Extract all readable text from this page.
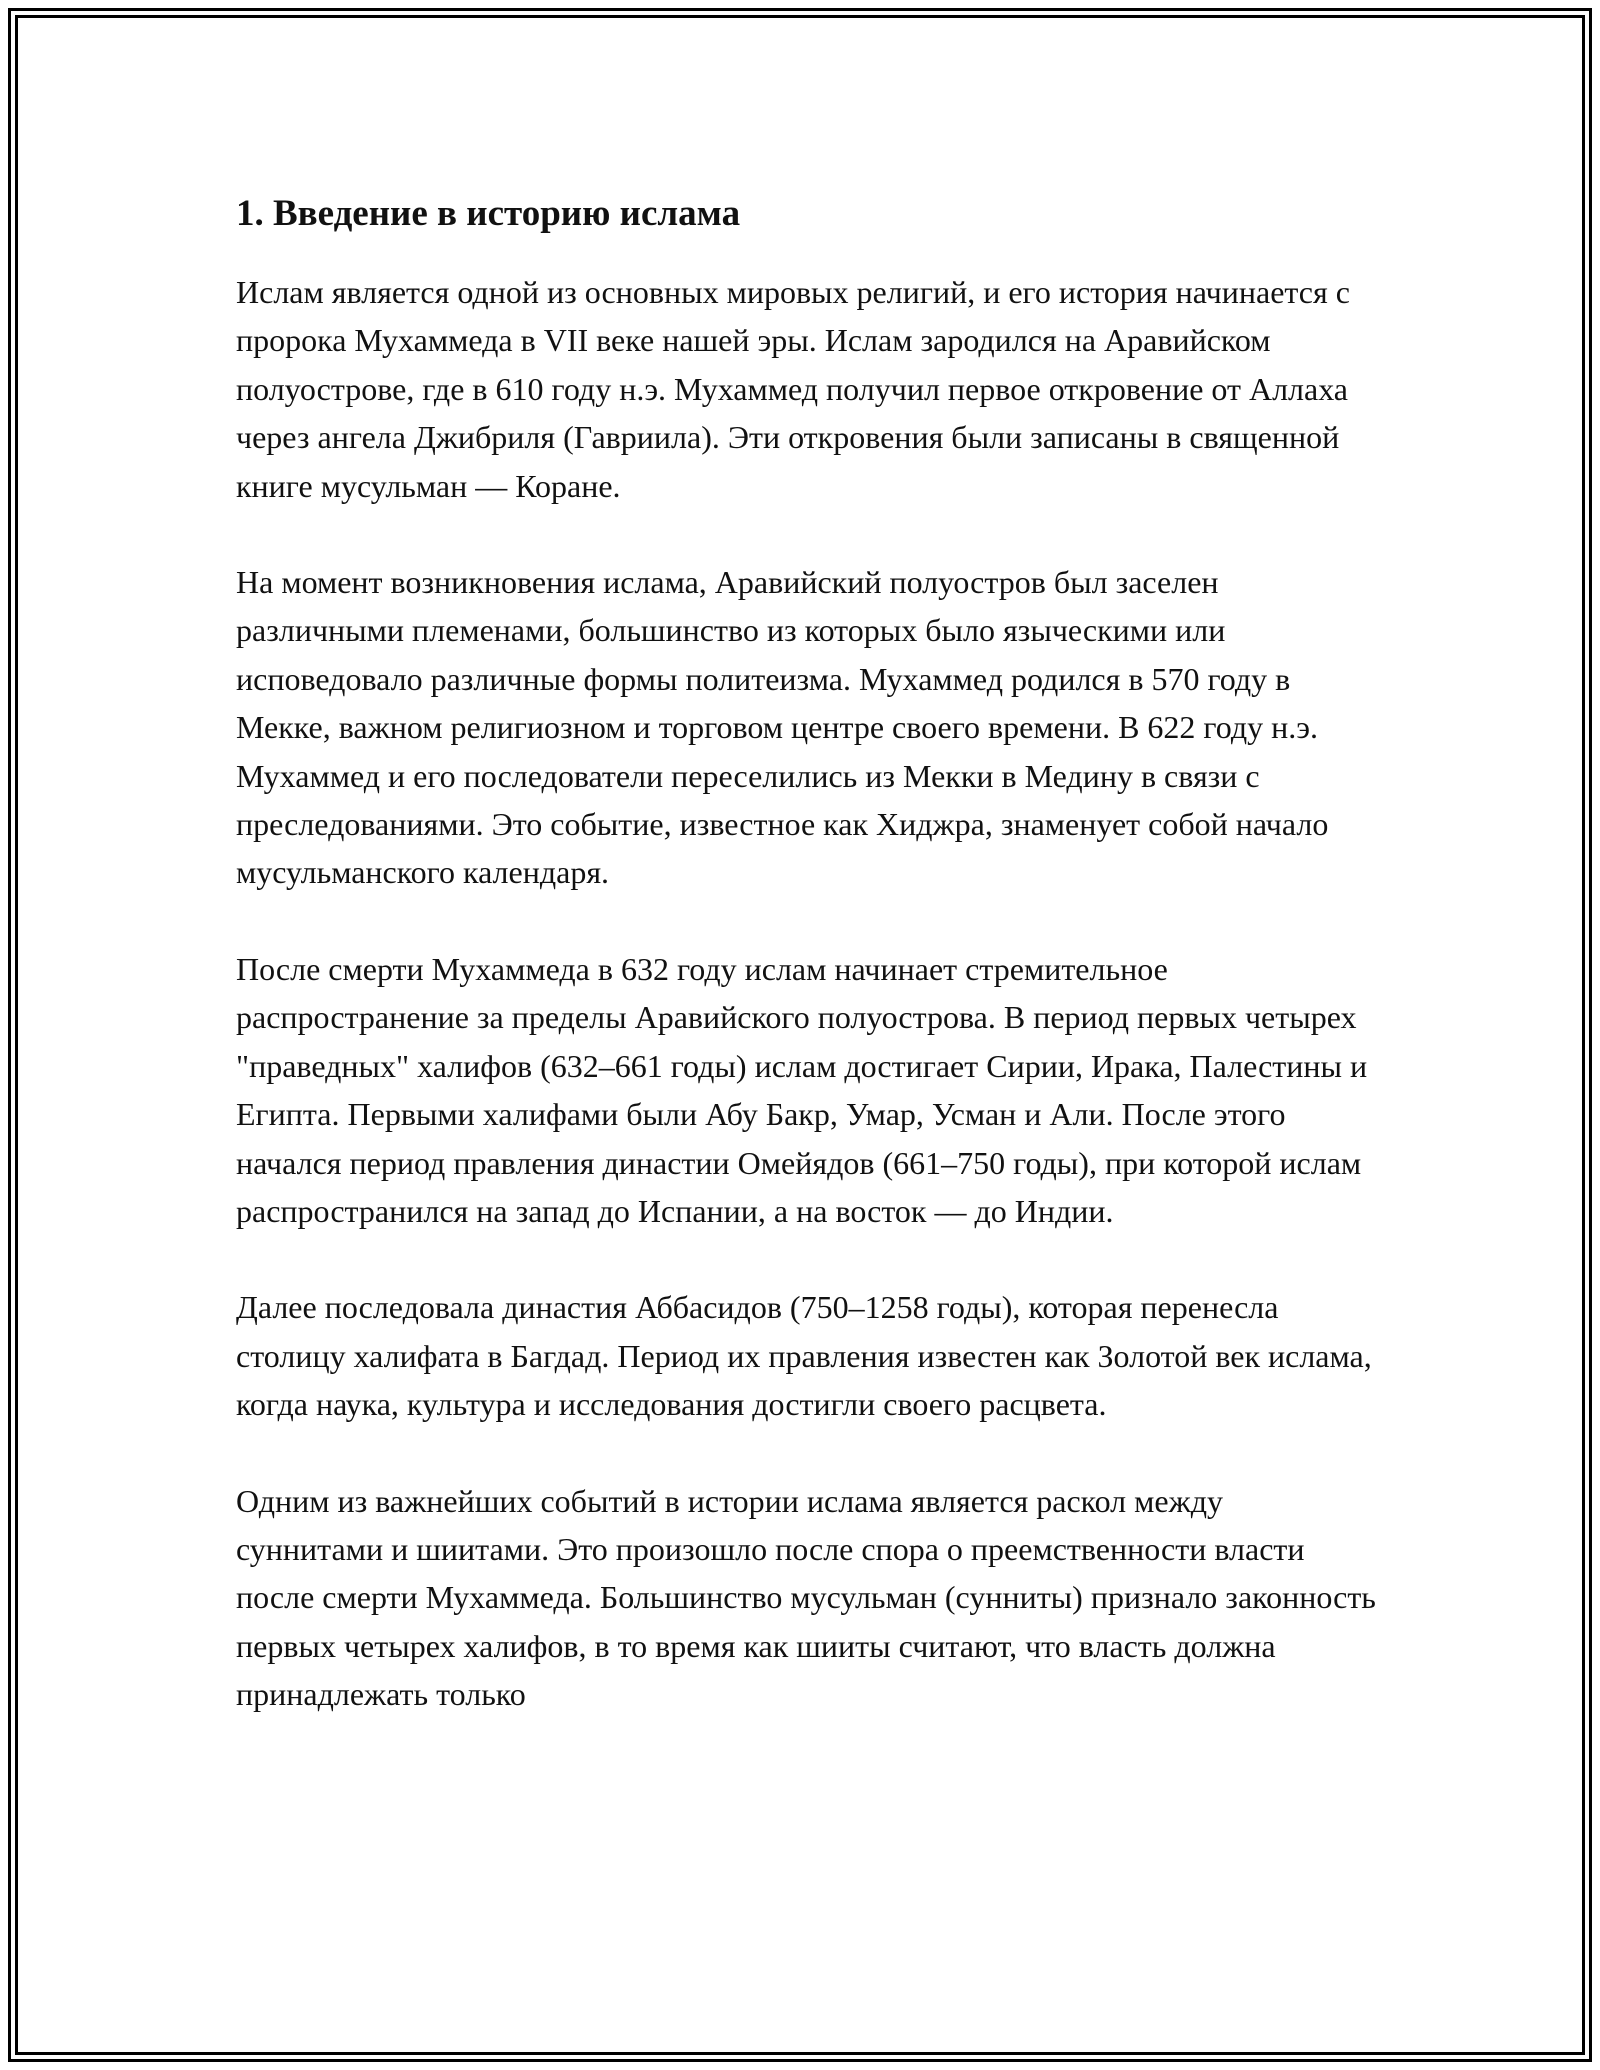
1. Введение в историю ислама

Ислам является одной из основных мировых религий, и его история начинается с пророка Мухаммеда в VII веке нашей эры. Ислам зародился на Аравийском полуострове, где в 610 году н.э. Мухаммед получил первое откровение от Аллаха через ангела Джибриля (Гавриила). Эти откровения были записаны в священной книге мусульман — Коране.

На момент возникновения ислама, Аравийский полуостров был заселен различными племенами, большинство из которых было языческими или исповедовало различные формы политеизма. Мухаммед родился в 570 году в Мекке, важном религиозном и торговом центре своего времени. В 622 году н.э. Мухаммед и его последователи переселились из Мекки в Медину в связи с преследованиями. Это событие, известное как Хиджра, знаменует собой начало мусульманского календаря.

После смерти Мухаммеда в 632 году ислам начинает стремительное распространение за пределы Аравийского полуострова. В период первых четырех "праведных" халифов (632–661 годы) ислам достигает Сирии, Ирака, Палестины и Египта. Первыми халифами были Абу Бакр, Умар, Усман и Али. После этого начался период правления династии Омейядов (661–750 годы), при которой ислам распространился на запад до Испании, а на восток — до Индии.

Далее последовала династия Аббасидов (750–1258 годы), которая перенесла столицу халифата в Багдад. Период их правления известен как Золотой век ислама, когда наука, культура и исследования достигли своего расцвета.

Одним из важнейших событий в истории ислама является раскол между суннитами и шиитами. Это произошло после спора о преемственности власти после смерти Мухаммеда. Большинство мусульман (сунниты) признало законность первых четырех халифов, в то время как шииты считают, что власть должна принадлежать только
